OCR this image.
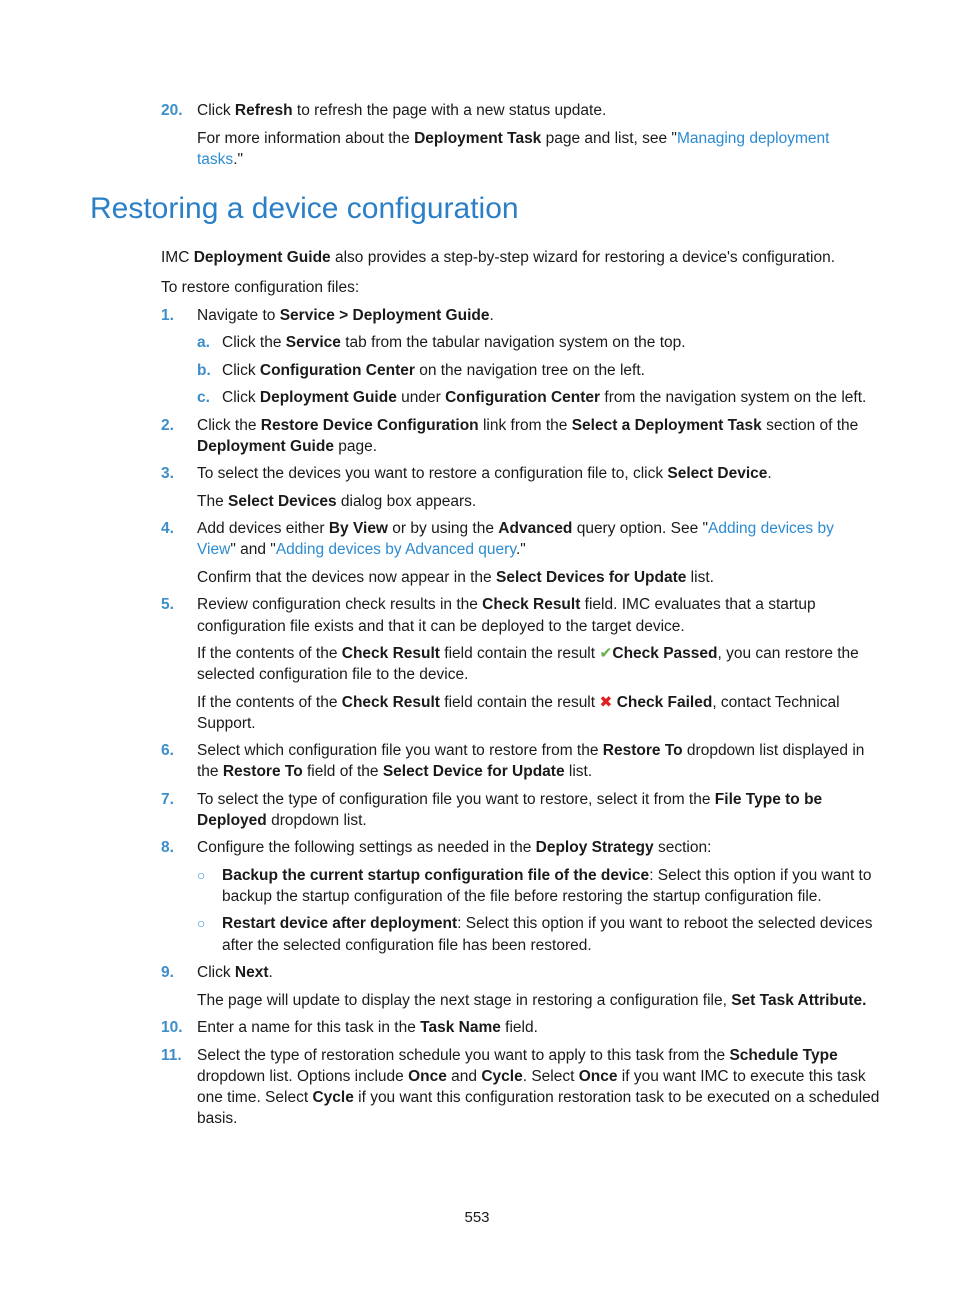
20. Click Refresh to refresh the page with a new status update.
For more information about the Deployment Task page and list, see "Managing deployment
tasks."
Restoring a device configuration
IMC Deployment Guide also provides a step-by-step wizard for restoring a device's configuration.
To restore configuration files:
1. Navigate to Service > Deployment Guide.
a. Click the Service tab from the tabular navigation system on the top.
b. Click Configuration Center on the navigation tree on the left.
c. Click Deployment Guide under Configuration Center from the navigation system on the left.
2. Click the Restore Device Configuration link from the Select a Deployment Task section of the
Deployment Guide page.
3. To select the devices you want to restore a configuration file to, click Select Device.
The Select Devices dialog box appears.
4. Add devices either By View or by using the Advanced query option. See "Adding devices by
View" and "Adding devices by Advanced query."
Confirm that the devices now appear in the Select Devices for Update list.
5. Review configuration check results in the Check Result field. IMC evaluates that a startup
configuration file exists and that it can be deployed to the target device.
If the contents of the Check Result field contain the result ✔Check Passed, you can restore the
selected configuration file to the device.
If the contents of the Check Result field contain the result ✖ Check Failed, contact Technical
Support.
6. Select which configuration file you want to restore from the Restore To dropdown list displayed in
the Restore To field of the Select Device for Update list.
7. To select the type of configuration file you want to restore, select it from the File Type to be
Deployed dropdown list.
8. Configure the following settings as needed in the Deploy Strategy section:
○ Backup the current startup configuration file of the device: Select this option if you want to
backup the startup configuration of the file before restoring the startup configuration file.
○ Restart device after deployment: Select this option if you want to reboot the selected devices
after the selected configuration file has been restored.
9. Click Next.
The page will update to display the next stage in restoring a configuration file, Set Task Attribute.
10. Enter a name for this task in the Task Name field.
11. Select the type of restoration schedule you want to apply to this task from the Schedule Type
dropdown list. Options include Once and Cycle. Select Once if you want IMC to execute this task
one time. Select Cycle if you want this configuration restoration task to be executed on a scheduled
basis.
553
